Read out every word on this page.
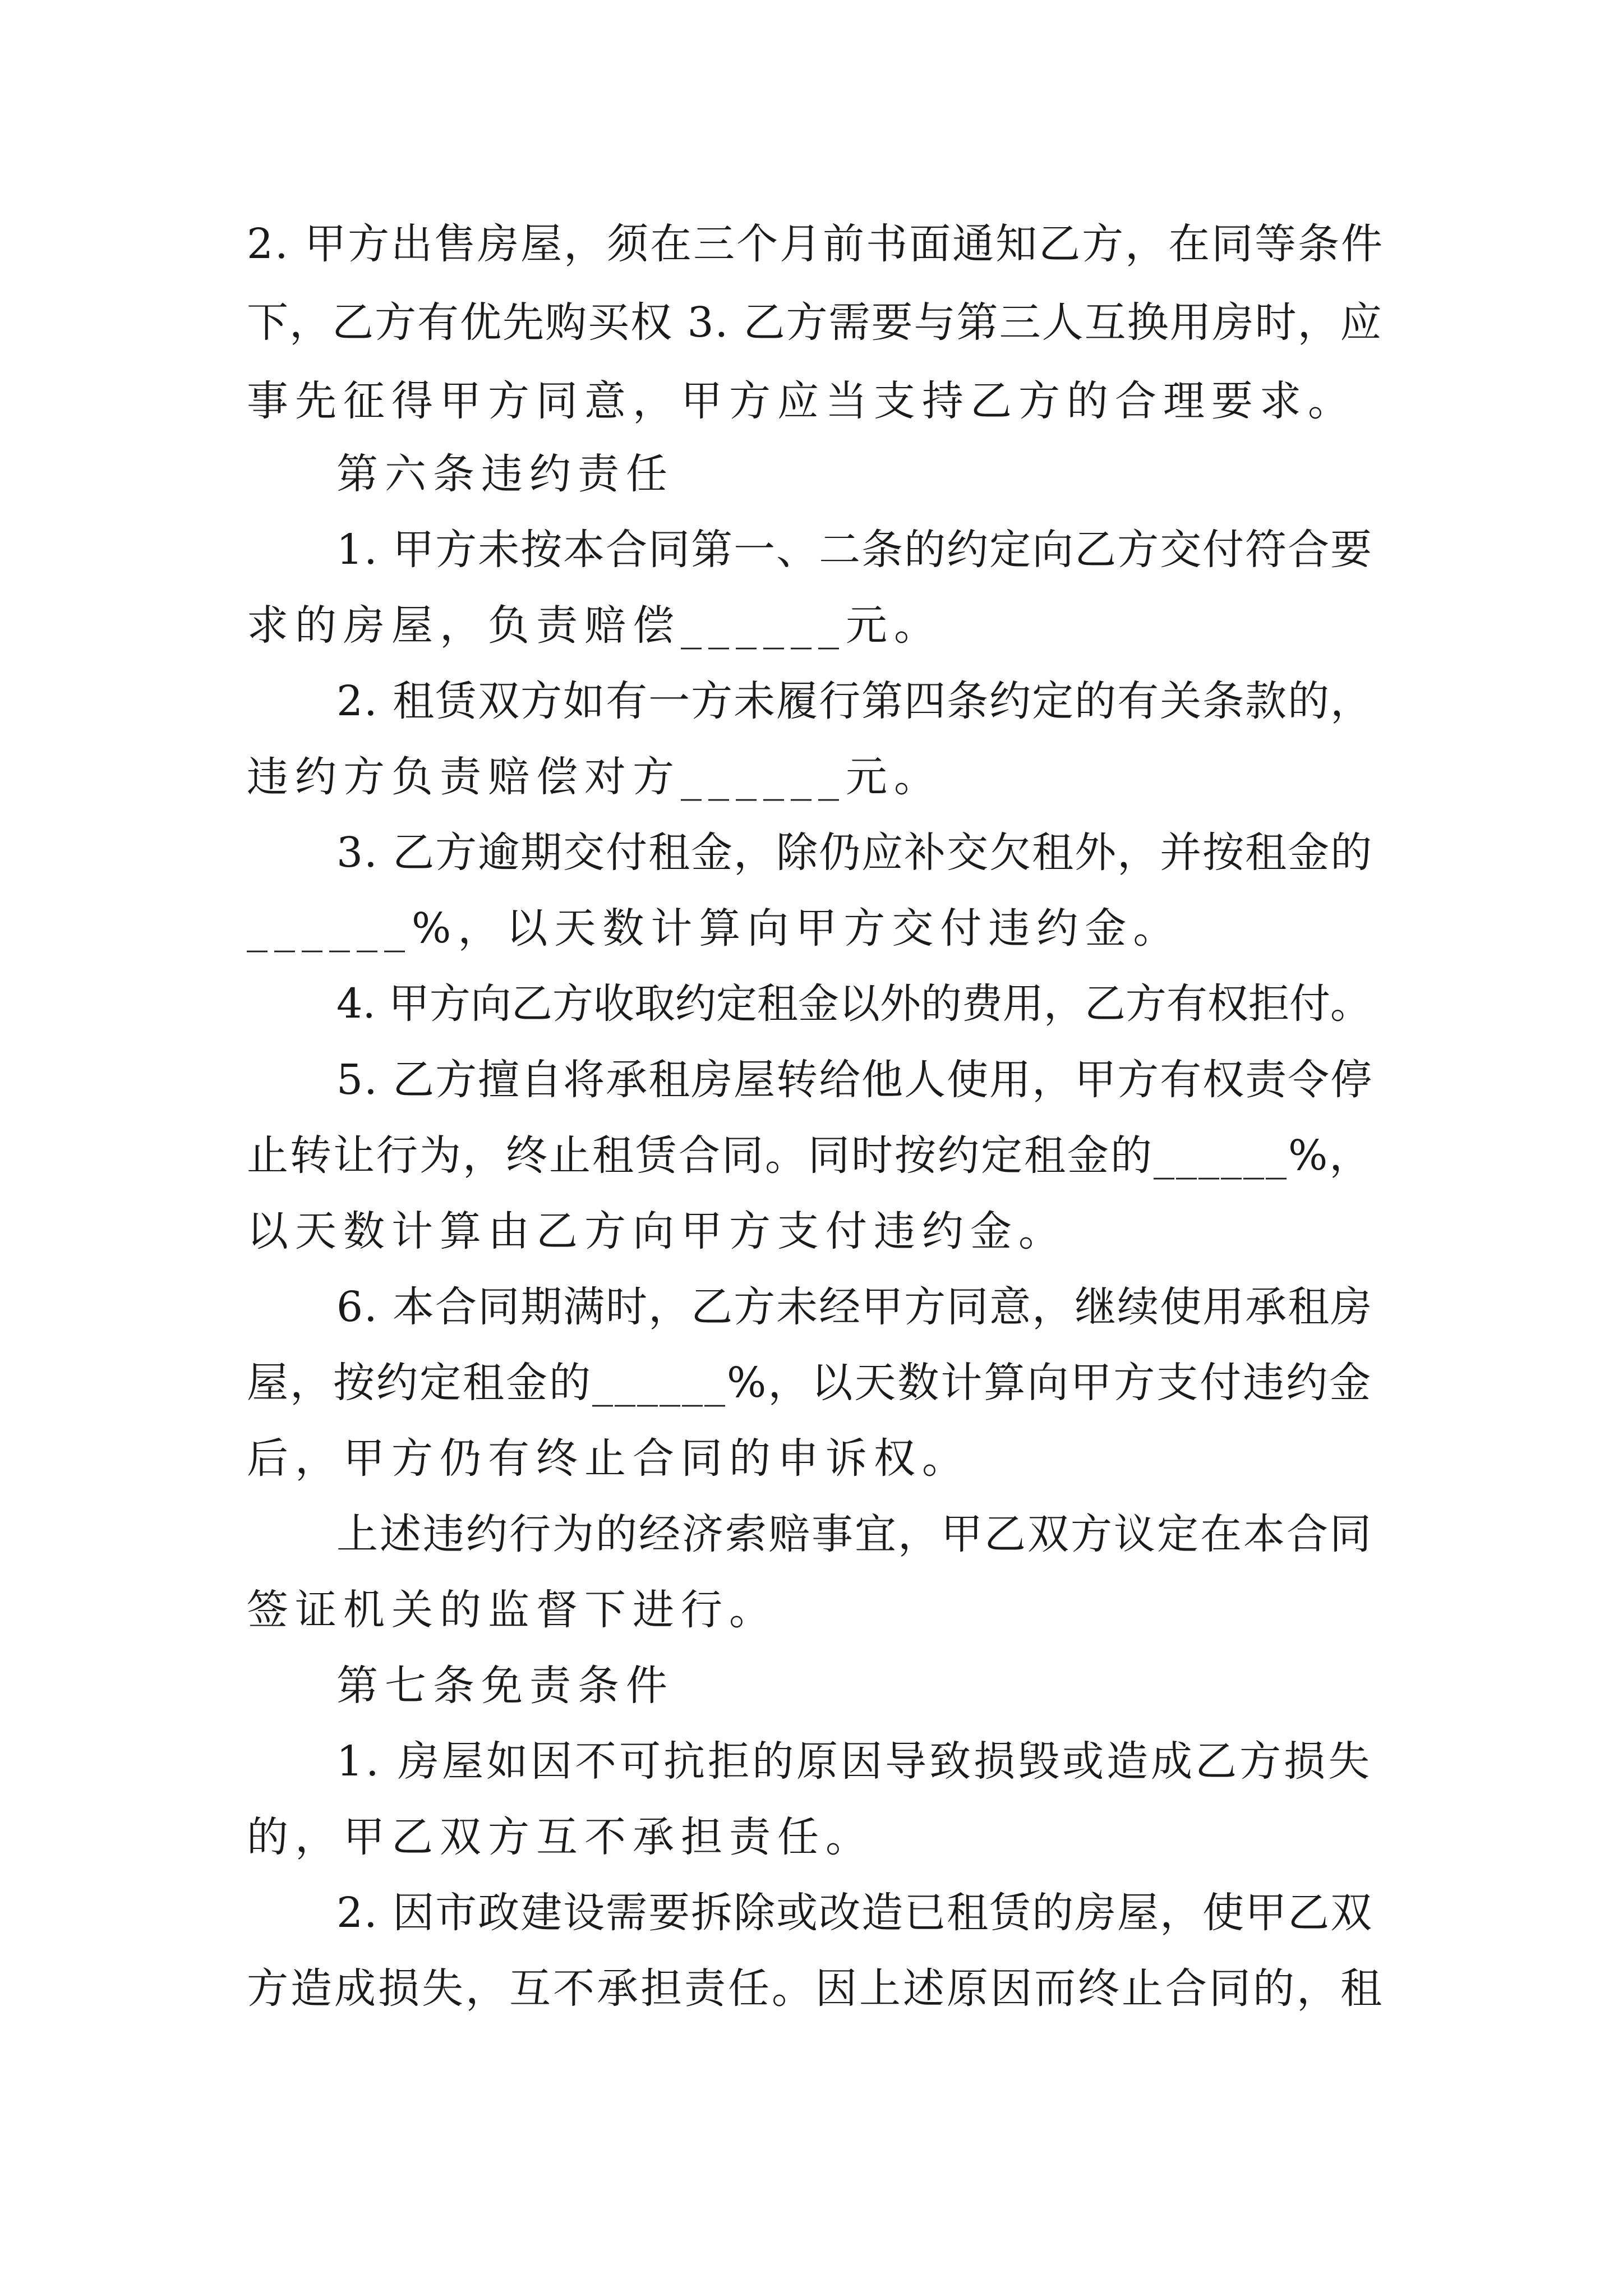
2. 甲方出售房屋，须在三个月前书面通知乙方，在同等条件
下，乙方有优先购买权 3. 乙方需要与第三人互换用房时，应
事先征得甲方同意，甲方应当支持乙方的合理要求。
第六条违约责任
1. 甲方未按本合同第一、二条的约定向乙方交付符合要
求的房屋，负责赔偿______元。
2. 租赁双方如有一方未履行第四条约定的有关条款的，
违约方负责赔偿对方______元。
3. 乙方逾期交付租金，除仍应补交欠租外，并按租金的
______%，以天数计算向甲方交付违约金。
4. 甲方向乙方收取约定租金以外的费用，乙方有权拒付。
5. 乙方擅自将承租房屋转给他人使用，甲方有权责令停
止转让行为，终止租赁合同。同时按约定租金的______%，
以天数计算由乙方向甲方支付违约金。
6. 本合同期满时，乙方未经甲方同意，继续使用承租房
屋，按约定租金的______%，以天数计算向甲方支付违约金
后，甲方仍有终止合同的申诉权。
上述违约行为的经济索赔事宜，甲乙双方议定在本合同
签证机关的监督下进行。
第七条免责条件
1. 房屋如因不可抗拒的原因导致损毁或造成乙方损失
的，甲乙双方互不承担责任。
2. 因市政建设需要拆除或改造已租赁的房屋，使甲乙双
方造成损失，互不承担责任。因上述原因而终止合同的，租
